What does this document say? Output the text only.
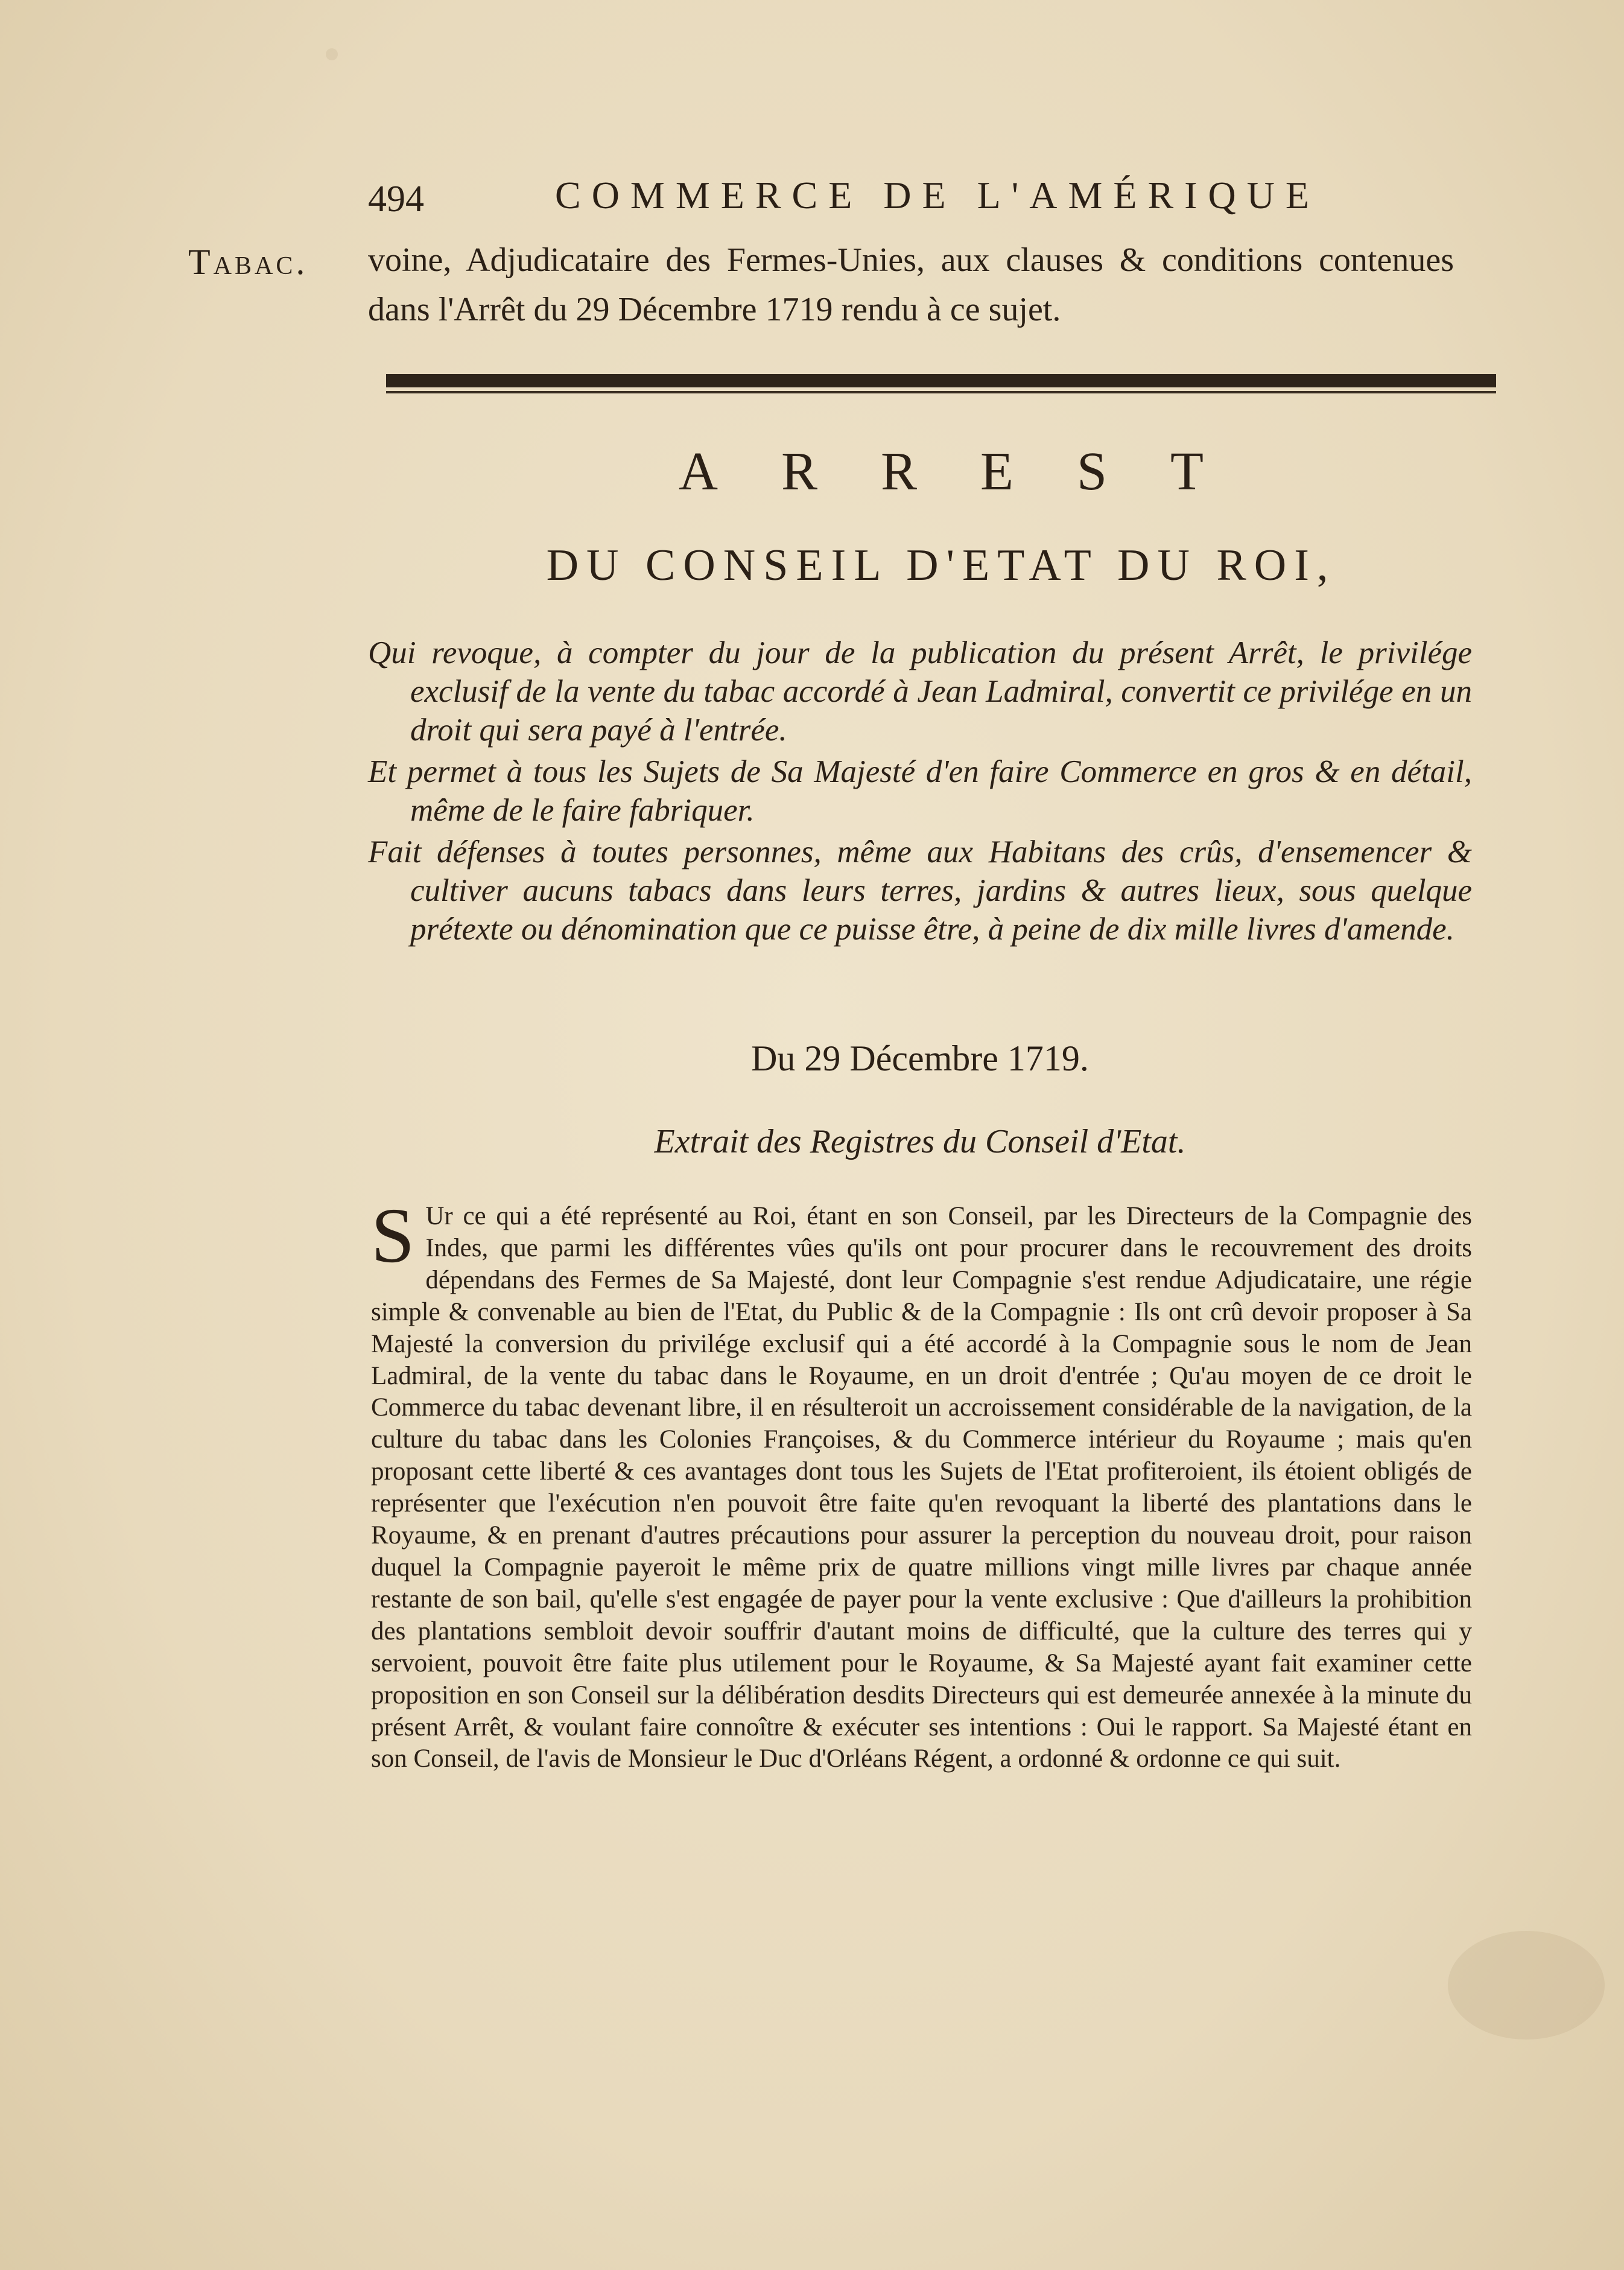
494	COMMERCE DE L'AMÉRIQUE
Tabac. voine, Adjudicataire des Fermes-Unies, aux clauses & conditions contenues dans l'Arrêt du 29 Décembre 1719 rendu à ce sujet.
ARREST
DU CONSEIL D'ETAT DU ROI,

Qui revoque, à compter du jour de la publication du présent Arrêt, le privilége exclusif de la vente du tabac accordé à Jean Ladmiral, convertit ce privilége en un droit qui sera payé à l'entrée.

Et permet à tous les Sujets de Sa Majesté d'en faire Commerce en gros & en détail, même de le faire fabriquer.

Fait défenses à toutes personnes, même aux Habitans des crûs, d'ensemencer & cultiver aucuns tabacs dans leurs terres, jardins & autres lieux, sous quelque prétexte ou dénomination que ce puisse être, à peine de dix mille livres d'amende.

Du 29 Décembre 1719.
Extrait des Registres du Conseil d'Etat.
S Ur ce qui a été représenté au Roi, étant en son Conseil, par les Directeurs de la Compagnie des Indes, que parmi les différentes vûes qu'ils ont pour procurer dans le recouvrement des droits dépendans des Fermes de Sa Majesté, dont leur Compagnie s'est rendue Adjudicataire, une régie simple & convenable au bien de l'Etat, du Public & de la Compagnie : Ils ont crû devoir proposer à Sa Majesté la conversion du privilége exclusif qui a été accordé à la Compagnie sous le nom de Jean Ladmiral, de la vente du tabac dans le Royaume, en un droit d'entrée ; Qu'au moyen de ce droit le Commerce du tabac devenant libre, il en résulteroit un accroissement considérable de la navigation, de la culture du tabac dans les Colonies Françoises, & du Commerce intérieur du Royaume ; mais qu'en proposant cette liberté & ces avantages dont tous les Sujets de l'Etat profiteroient, ils étoient obligés de représenter que l'exécution n'en pouvoit être faite qu'en revoquant la liberté des plantations dans le Royaume, & en prenant d'autres précautions pour assurer la perception du nouveau droit, pour raison duquel la Compagnie payeroit le même prix de quatre millions vingt mille livres par chaque année restante de son bail, qu'elle s'est engagée de payer pour la vente exclusive : Que d'ailleurs la prohibition des plantations sembloit devoir souffrir d'autant moins de difficulté, que la culture des terres qui y servoient, pouvoit être faite plus utilement pour le Royaume, & Sa Majesté ayant fait examiner cette proposition en son Conseil sur la délibération desdits Directeurs qui est demeurée annexée à la minute du présent Arrêt, & voulant faire connoître & exécuter ses intentions : Oui le rapport. Sa Majesté étant en son Conseil, de l'avis de Monsieur le Duc d'Orléans Régent, a ordonné & ordonne ce qui suit.
